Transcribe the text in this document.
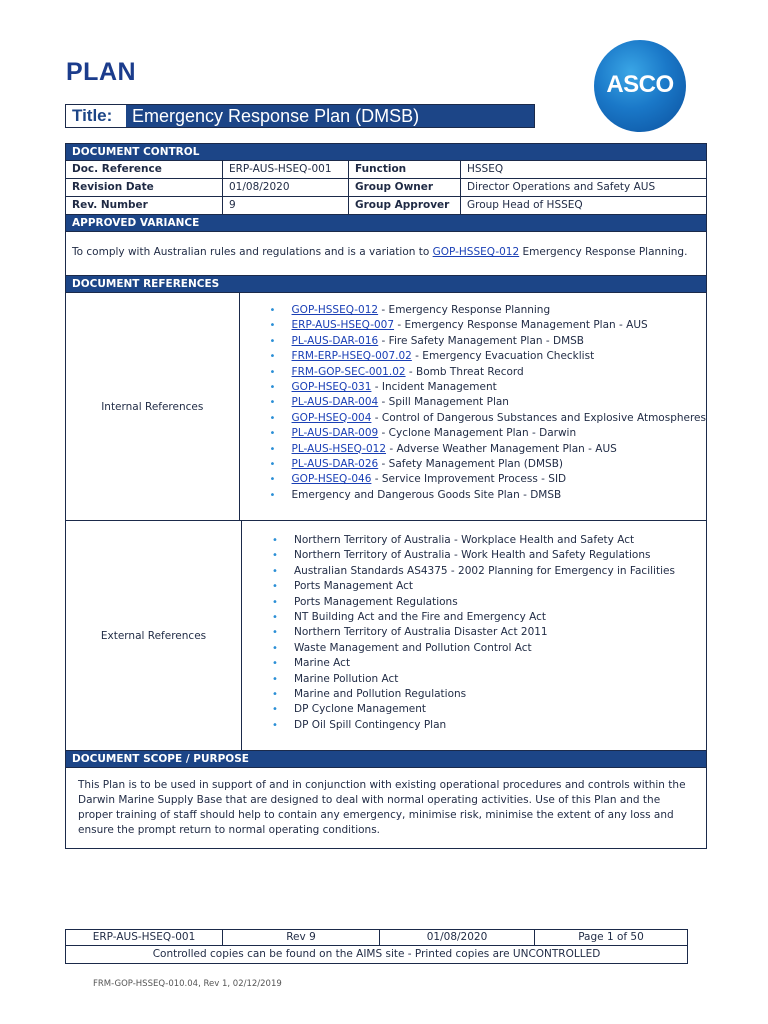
PLAN	ASCO
Title:	Emergency Response Plan (DMSB)
DOCUMENT CONTROL
Doc. Reference	ERP-AUS-HSEQ-001	Function	HSSEQ
Revision Date	01/08/2020	Group Owner	Director Operations and Safety AUS
Rev. Number	9	Group Approver	Group Head of HSSEQ
APPROVED VARIANCE
To comply with Australian rules and regulations and is a variation to GOP-HSSEQ-012 Emergency Response Planning.
DOCUMENT REFERENCES
Internal References
• GOP-HSSEQ-012 - Emergency Response Planning
• ERP-AUS-HSEQ-007 - Emergency Response Management Plan - AUS
• PL-AUS-DAR-016 - Fire Safety Management Plan - DMSB
• FRM-ERP-HSEQ-007.02 - Emergency Evacuation Checklist
• FRM-GOP-SEC-001.02 - Bomb Threat Record
• GOP-HSEQ-031 - Incident Management
• PL-AUS-DAR-004 - Spill Management Plan
• GOP-HSEQ-004 - Control of Dangerous Substances and Explosive Atmospheres
• PL-AUS-DAR-009 - Cyclone Management Plan - Darwin
• PL-AUS-HSEQ-012 - Adverse Weather Management Plan - AUS
• PL-AUS-DAR-026 - Safety Management Plan (DMSB)
• GOP-HSEQ-046 - Service Improvement Process - SID
• Emergency and Dangerous Goods Site Plan - DMSB
External References
• Northern Territory of Australia - Workplace Health and Safety Act
• Northern Territory of Australia - Work Health and Safety Regulations
• Australian Standards AS4375 - 2002 Planning for Emergency in Facilities
• Ports Management Act
• Ports Management Regulations
• NT Building Act and the Fire and Emergency Act
• Northern Territory of Australia Disaster Act 2011
• Waste Management and Pollution Control Act
• Marine Act
• Marine Pollution Act
• Marine and Pollution Regulations
• DP Cyclone Management
• DP Oil Spill Contingency Plan
DOCUMENT SCOPE / PURPOSE
This Plan is to be used in support of and in conjunction with existing operational procedures and controls within the Darwin Marine Supply Base that are designed to deal with normal operating activities. Use of this Plan and the proper training of staff should help to contain any emergency, minimise risk, minimise the extent of any loss and ensure the prompt return to normal operating conditions.
ERP-AUS-HSEQ-001	Rev 9	01/08/2020	Page 1 of 50
Controlled copies can be found on the AIMS site - Printed copies are UNCONTROLLED
FRM-GOP-HSSEQ-010.04, Rev 1, 02/12/2019
